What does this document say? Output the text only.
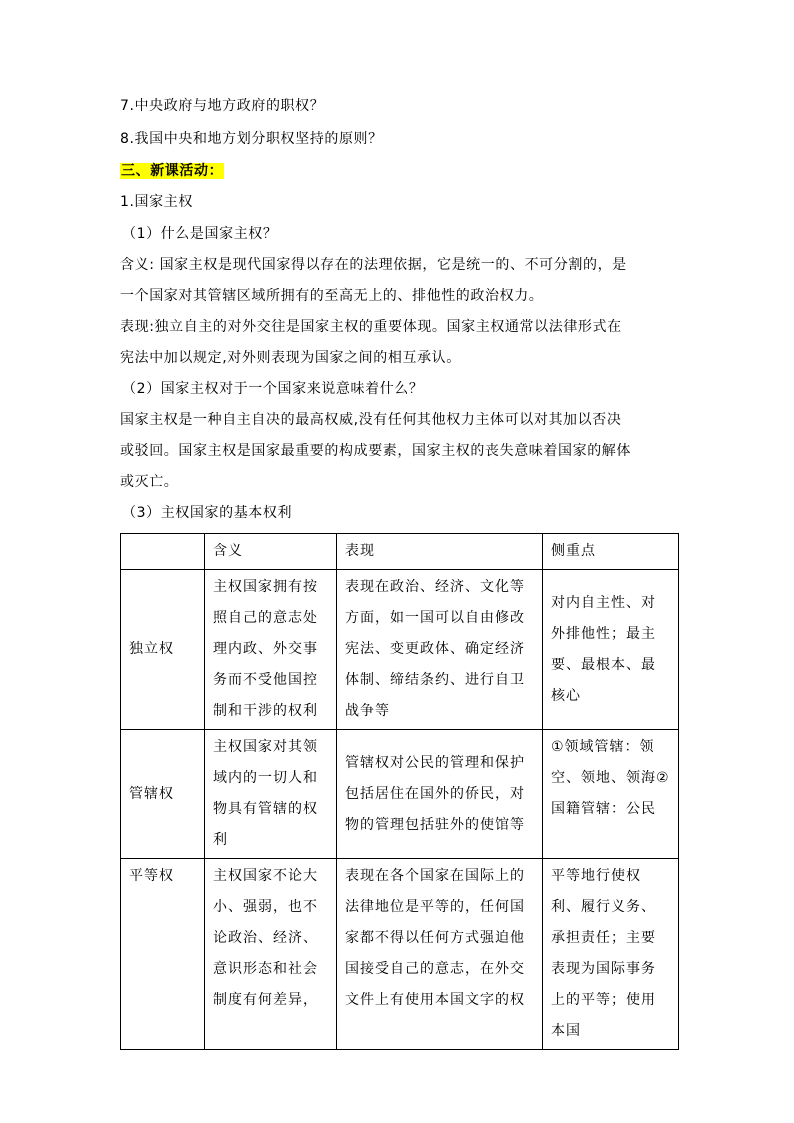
7.中央政府与地方政府的职权？
8.我国中央和地方划分职权坚持的原则？
三、新课活动：
1.国家主权
（1）什么是国家主权？
含义: 国家主权是现代国家得以存在的法理依据，它是统一的、不可分割的，是
一个国家对其管辖区域所拥有的至高无上的、排他性的政治权力。
表现:独立自主的对外交往是国家主权的重要体现。国家主权通常以法律形式在
宪法中加以规定,对外则表现为国家之间的相互承认。
（2）国家主权对于一个国家来说意味着什么？
国家主权是一种自主自决的最高权威,没有任何其他权力主体可以对其加以否决
或驳回。国家主权是国家最重要的构成要素，国家主权的丧失意味着国家的解体
或灭亡。
（3）主权国家的基本权利

	含义	表现	侧重点

独立权	主权国家拥有按照自己的意志处理内政、外交事务而不受他国控制和干涉的权利	表现在政治、经济、文化等方面，如一国可以自由修改宪法、变更政体、确定经济体制、缔结条约、进行自卫战争等	对内自主性、对外排他性；最主要、最根本、最核心

管辖权	主权国家对其领域内的一切人和物具有管辖的权利	管辖权对公民的管理和保护包括居住在国外的侨民，对物的管理包括驻外的使馆等	①领域管辖：领空、领地、领海②国籍管辖：公民

平等权	主权国家不论大小、强弱，也不论政治、经济、意识形态和社会制度有何差异，	表现在各个国家在国际上的法律地位是平等的，任何国家都不得以任何方式强迫他国接受自己的意志，在外交文件上有使用本国文字的权	平等地行使权利、履行义务、承担责任；主要表现为国际事务上的平等；使用本国
